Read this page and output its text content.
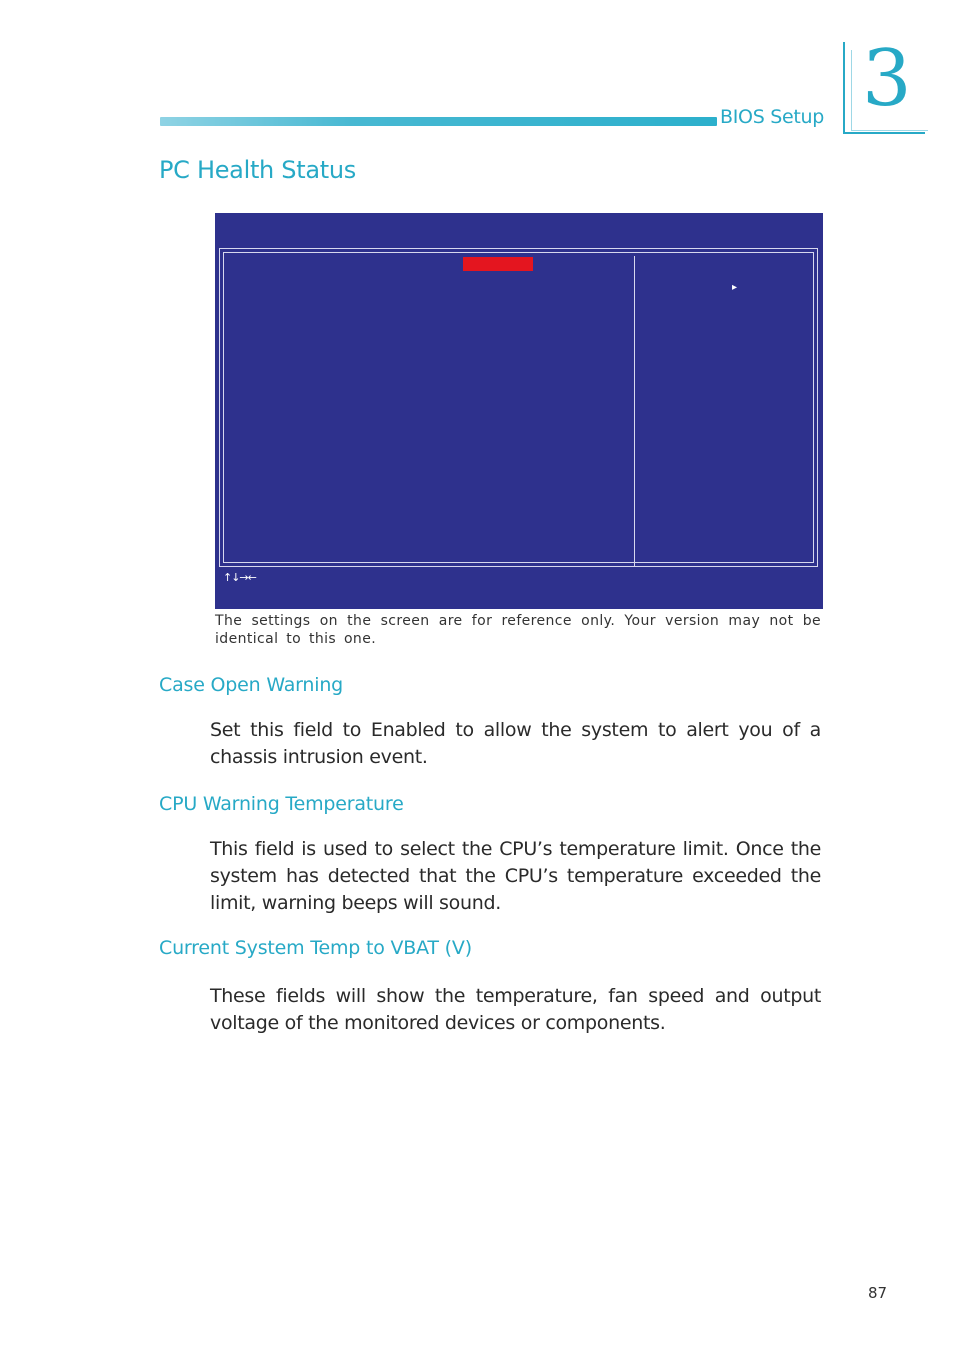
BIOS Setup 3
PC Health Status
▸
↑↓→←
The settings on the screen are for reference only. Your version may not be identical to this one.
Case Open Warning
Set this field to Enabled to allow the system to alert you of a chassis intrusion event.
CPU Warning Temperature
This field is used to select the CPU’s temperature limit. Once the system has detected that the CPU’s temperature exceeded the limit, warning beeps will sound.
Current System Temp to VBAT (V)
These fields will show the temperature, fan speed and output voltage of the monitored devices or components.
87
